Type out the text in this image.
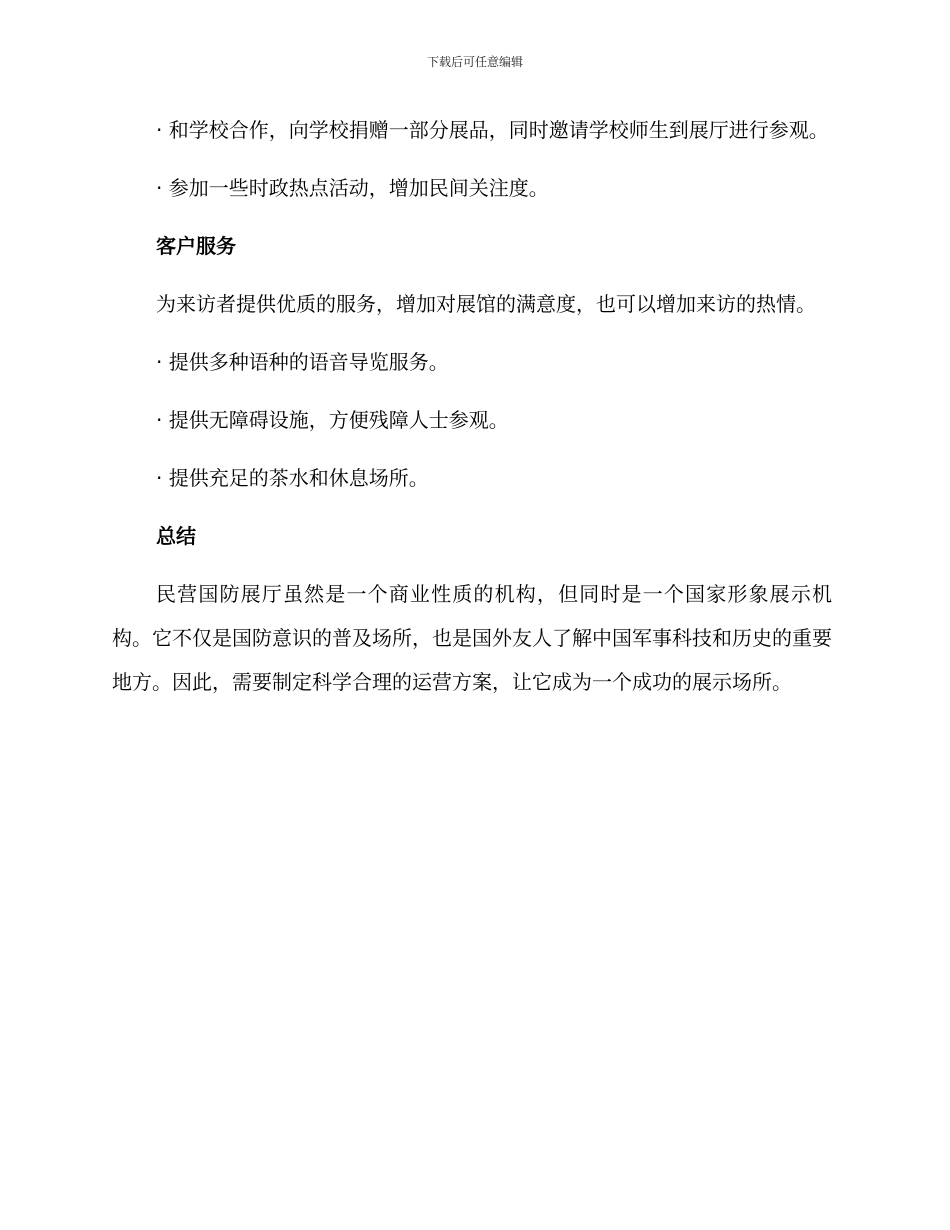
下载后可任意编辑

· 和学校合作，向学校捐赠一部分展品，同时邀请学校师生到展厅进行参观。

· 参加一些时政热点活动，增加民间关注度。

客户服务

为来访者提供优质的服务，增加对展馆的满意度，也可以增加来访的热情。

· 提供多种语种的语音导览服务。

· 提供无障碍设施，方便残障人士参观。

· 提供充足的茶水和休息场所。

总结

民营国防展厅虽然是一个商业性质的机构，但同时是一个国家形象展示机构。它不仅是国防意识的普及场所，也是国外友人了解中国军事科技和历史的重要地方。因此，需要制定科学合理的运营方案，让它成为一个成功的展示场所。
